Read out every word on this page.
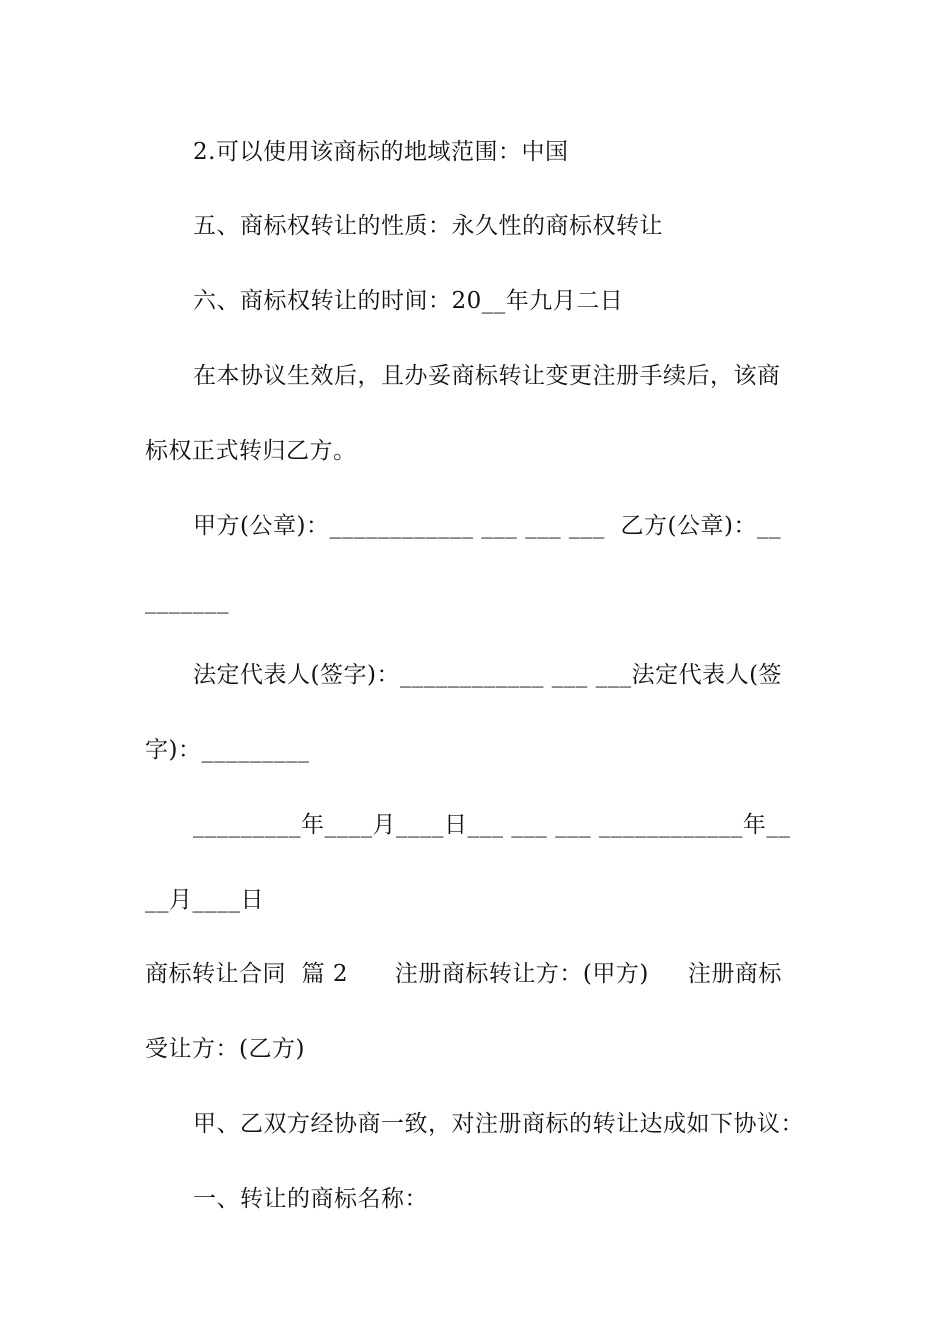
2.可以使用该商标的地域范围：中国
五、商标权转让的性质：永久性的商标权转让
六、商标权转让的时间：20__年九月二日
在本协议生效后，且办妥商标转让变更注册手续后，该商
标权正式转归乙方。
甲方(公章)：____________ ___ ___ ___  乙方(公章)：__
_______
法定代表人(签字)：____________ ___ ___法定代表人(签
字)：_________
_________年____月____日___ ___ ___ ____________年__
__月____日
商标转让合同  篇 2      注册商标转让方：(甲方)     注册商标
受让方：(乙方)
甲、乙双方经协商一致，对注册商标的转让达成如下协议：
一、转让的商标名称：
